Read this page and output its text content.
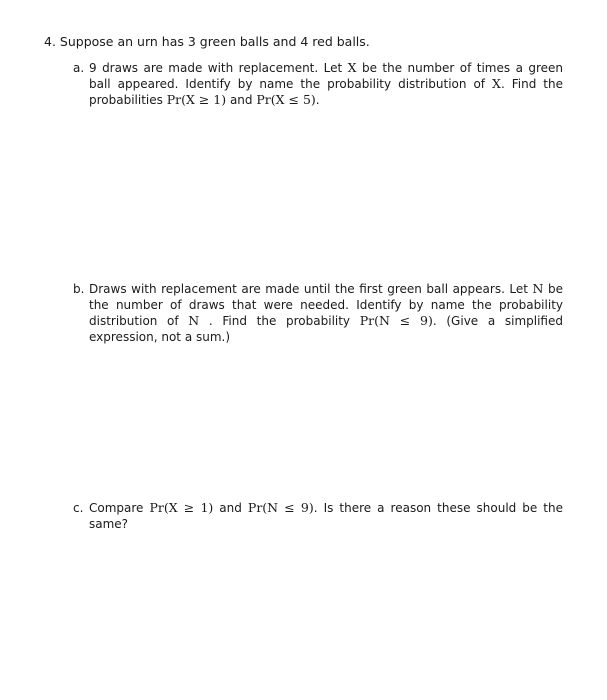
4. Suppose an urn has 3 green balls and 4 red balls.
a. 9 draws are made with replacement. Let X be the number of times a green ball appeared. Identify by name the probability distribution of X. Find the probabilities Pr(X ≥ 1) and Pr(X ≤ 5).
b. Draws with replacement are made until the first green ball appears. Let N be the number of draws that were needed. Identify by name the probability distribution of N . Find the probability Pr(N ≤ 9). (Give a simplified expression, not a sum.)
c. Compare Pr(X ≥ 1) and Pr(N ≤ 9). Is there a reason these should be the same?
